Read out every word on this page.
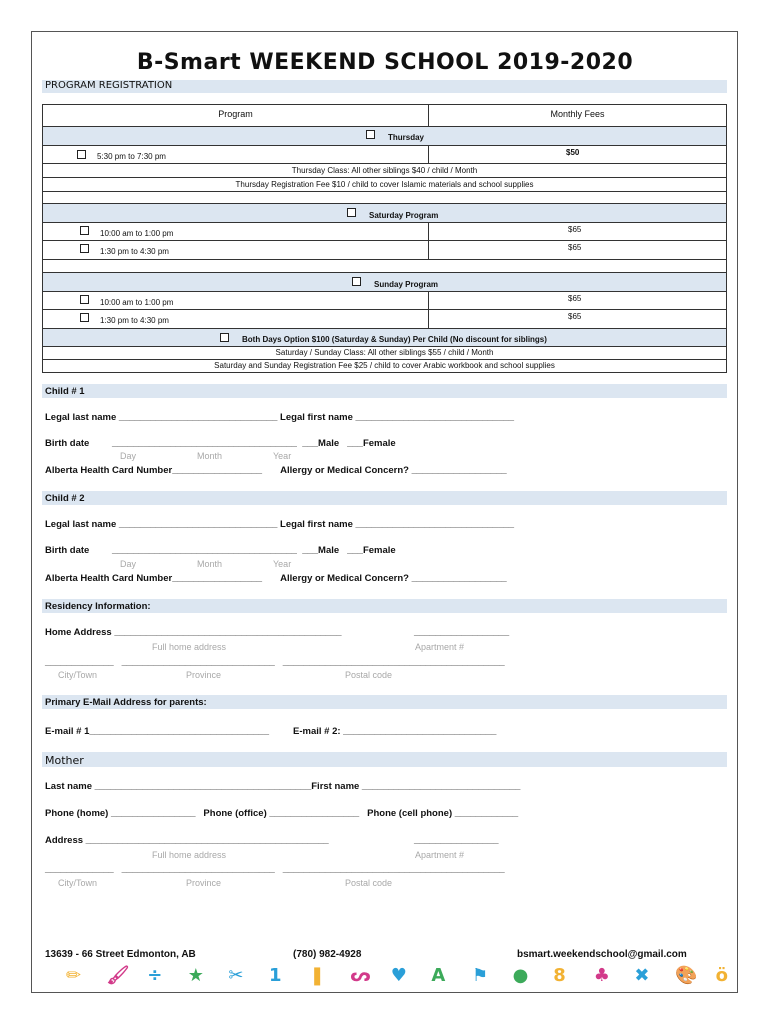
B-Smart WEEKEND SCHOOL 2019-2020
PROGRAM REGISTRATION
Program	Monthly Fees
Thursday
5:30 pm to 7:30 pm	$50
Thursday Class: All other siblings $40 / child / Month
Thursday Registration Fee $10 / child to cover Islamic materials and school supplies
Saturday Program
10:00 am to 1:00 pm	$65
1:30 pm to 4:30 pm	$65
Sunday Program
10:00 am to 1:00 pm	$65
1:30 pm to 4:30 pm	$65
Both Days Option $100 (Saturday & Sunday) Per Child (No discount for siblings)
Saturday / Sunday Class: All other siblings $55 / child / Month
Saturday and Sunday Registration Fee $25 / child to cover Arabic workbook and school supplies
Child # 1
Legal last name ______________________________ Legal first name ______________________________
Birth date ___________________________________  ___Male   ___Female
Day	Month	Year
Alberta Health Card Number_________________       Allergy or Medical Concern? __________________
Child # 2
Legal last name ______________________________ Legal first name ______________________________
Birth date ___________________________________  ___Male   ___Female
Day	Month	Year
Alberta Health Card Number_________________       Allergy or Medical Concern? __________________
Residency Information:
Home Address ___________________________________________	__________________
Full home address	Apartment #
_____________   _____________________________   __________________________________________
City/Town	Province	Postal code
Primary E-Mail Address for parents:
E-mail # 1__________________________________	E-mail # 2: _____________________________
Mother
Last name _________________________________________First name ______________________________
Phone (home) ________________   Phone (office) _________________   Phone (cell phone) ____________
Address ______________________________________________	________________
Full home address	Apartment #
_____________   _____________________________   __________________________________________
City/Town	Province	Postal code
13639 - 66 Street Edmonton, AB	(780) 982-4928	bsmart.weekendschool@gmail.com
✏ 🖌 ÷ ★ ✂ 1 ❚ ᔕ ♥ A ⚑ ● 8 ♣ ✖ 🎨 ö
